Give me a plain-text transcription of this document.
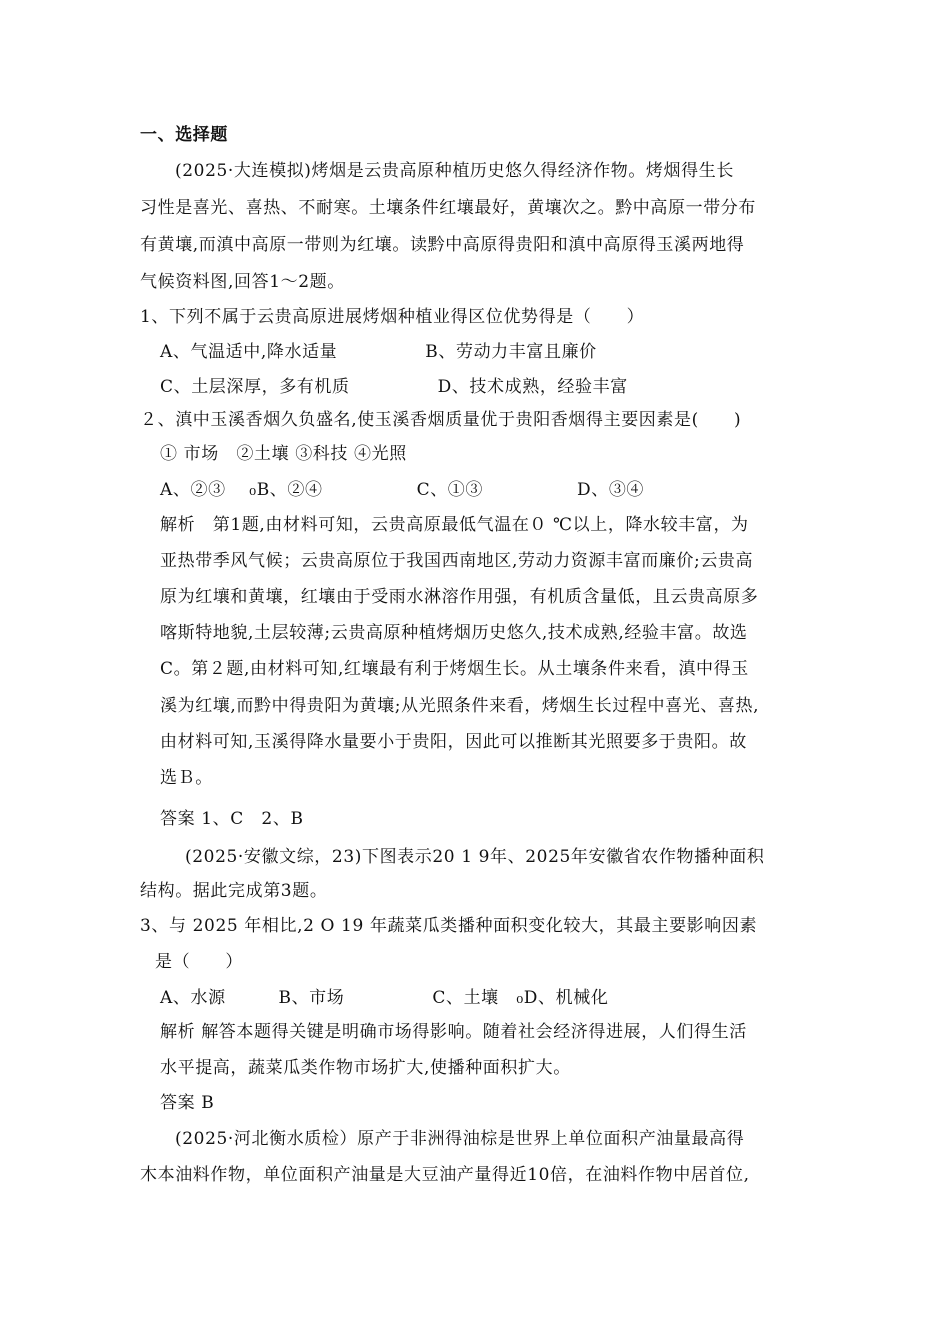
一、选择题
(2025·大连模拟)烤烟是云贵高原种植历史悠久得经济作物。烤烟得生长
习性是喜光、喜热、不耐寒。土壤条件红壤最好，黄壤次之。黔中高原一带分布
有黄壤,而滇中高原一带则为红壤。读黔中高原得贵阳和滇中高原得玉溪两地得
气候资料图,回答1～2题。
1、下列不属于云贵高原进展烤烟种植业得区位优势得是（　　）
A、气温适中,降水适量　　　　　B、劳动力丰富且廉价
C、土层深厚，多有机质　　　　　D、技术成熟，经验丰富
２、滇中玉溪香烟久负盛名,使玉溪香烟质量优于贵阳香烟得主要因素是(　　)
① 市场　②土壤 ③科技 ④光照
A、②③　 ₀B、②④　　　　　 C、①③　　　　　 D、③④
解析　第1题,由材料可知，云贵高原最低气温在０ ℃以上，降水较丰富，为
亚热带季风气候；云贵高原位于我国西南地区,劳动力资源丰富而廉价;云贵高
原为红壤和黄壤，红壤由于受雨水淋溶作用强，有机质含量低，且云贵高原多
喀斯特地貌,土层较薄;云贵高原种植烤烟历史悠久,技术成熟,经验丰富。故选
C。第２题,由材料可知,红壤最有利于烤烟生长。从土壤条件来看，滇中得玉
溪为红壤,而黔中得贵阳为黄壤;从光照条件来看，烤烟生长过程中喜光、喜热,
由材料可知,玉溪得降水量要小于贵阳，因此可以推断其光照要多于贵阳。故
选Ｂ。
答案 1、C　2、B
(2025·安徽文综，23)下图表示20 1 9年、2025年安徽省农作物播种面积
结构。据此完成第3题。
3、与 2025 年相比,2 O 19 年蔬菜瓜类播种面积变化较大，其最主要影响因素
是（　　）
A、水源　　　B、市场　　　　　C、土壤　₀D、机械化
解析 解答本题得关键是明确市场得影响。随着社会经济得进展，人们得生活
水平提高，蔬菜瓜类作物市场扩大,使播种面积扩大。
答案 B
(2025·河北衡水质检）原产于非洲得油棕是世界上单位面积产油量最高得
木本油料作物，单位面积产油量是大豆油产量得近10倍，在油料作物中居首位,
